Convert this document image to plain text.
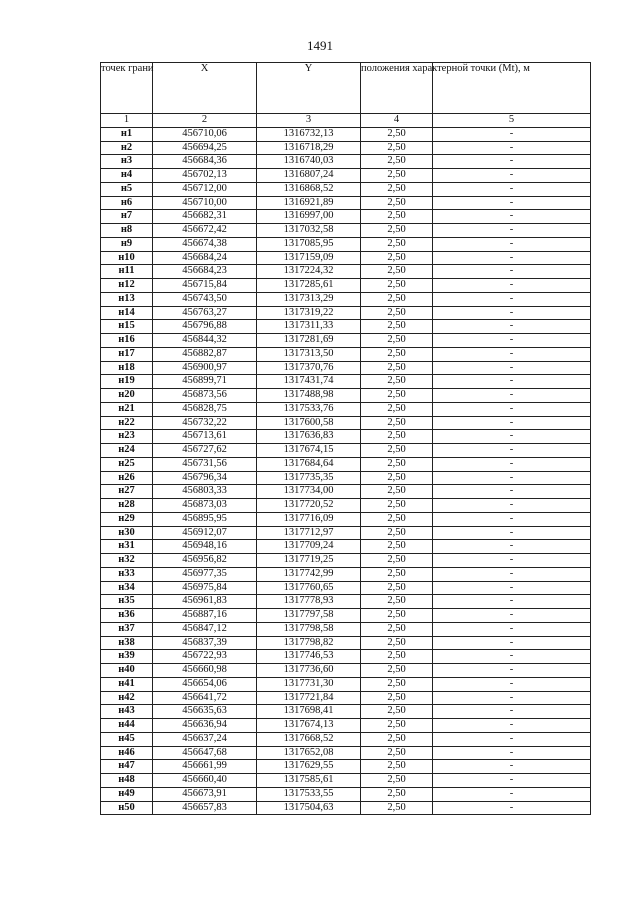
1491
точек грани	X	Y	положения характерной точки (Mt), м	
1	2	3	4	5
н1	456710,06	1316732,13	2,50	-
н2	456694,25	1316718,29	2,50	-
н3	456684,36	1316740,03	2,50	-
н4	456702,13	1316807,24	2,50	-
н5	456712,00	1316868,52	2,50	-
н6	456710,00	1316921,89	2,50	-
н7	456682,31	1316997,00	2,50	-
н8	456672,42	1317032,58	2,50	-
н9	456674,38	1317085,95	2,50	-
н10	456684,24	1317159,09	2,50	-
н11	456684,23	1317224,32	2,50	-
н12	456715,84	1317285,61	2,50	-
н13	456743,50	1317313,29	2,50	-
н14	456763,27	1317319,22	2,50	-
н15	456796,88	1317311,33	2,50	-
н16	456844,32	1317281,69	2,50	-
н17	456882,87	1317313,50	2,50	-
н18	456900,97	1317370,76	2,50	-
н19	456899,71	1317431,74	2,50	-
н20	456873,56	1317488,98	2,50	-
н21	456828,75	1317533,76	2,50	-
н22	456732,22	1317600,58	2,50	-
н23	456713,61	1317636,83	2,50	-
н24	456727,62	1317674,15	2,50	-
н25	456731,56	1317684,64	2,50	-
н26	456796,34	1317735,35	2,50	-
н27	456803,33	1317734,00	2,50	-
н28	456873,03	1317720,52	2,50	-
н29	456895,95	1317716,09	2,50	-
н30	456912,07	1317712,97	2,50	-
н31	456948,16	1317709,24	2,50	-
н32	456956,82	1317719,25	2,50	-
н33	456977,35	1317742,99	2,50	-
н34	456975,84	1317760,65	2,50	-
н35	456961,83	1317778,93	2,50	-
н36	456887,16	1317797,58	2,50	-
н37	456847,12	1317798,58	2,50	-
н38	456837,39	1317798,82	2,50	-
н39	456722,93	1317746,53	2,50	-
н40	456660,98	1317736,60	2,50	-
н41	456654,06	1317731,30	2,50	-
н42	456641,72	1317721,84	2,50	-
н43	456635,63	1317698,41	2,50	-
н44	456636,94	1317674,13	2,50	-
н45	456637,24	1317668,52	2,50	-
н46	456647,68	1317652,08	2,50	-
н47	456661,99	1317629,55	2,50	-
н48	456660,40	1317585,61	2,50	-
н49	456673,91	1317533,55	2,50	-
н50	456657,83	1317504,63	2,50	-
